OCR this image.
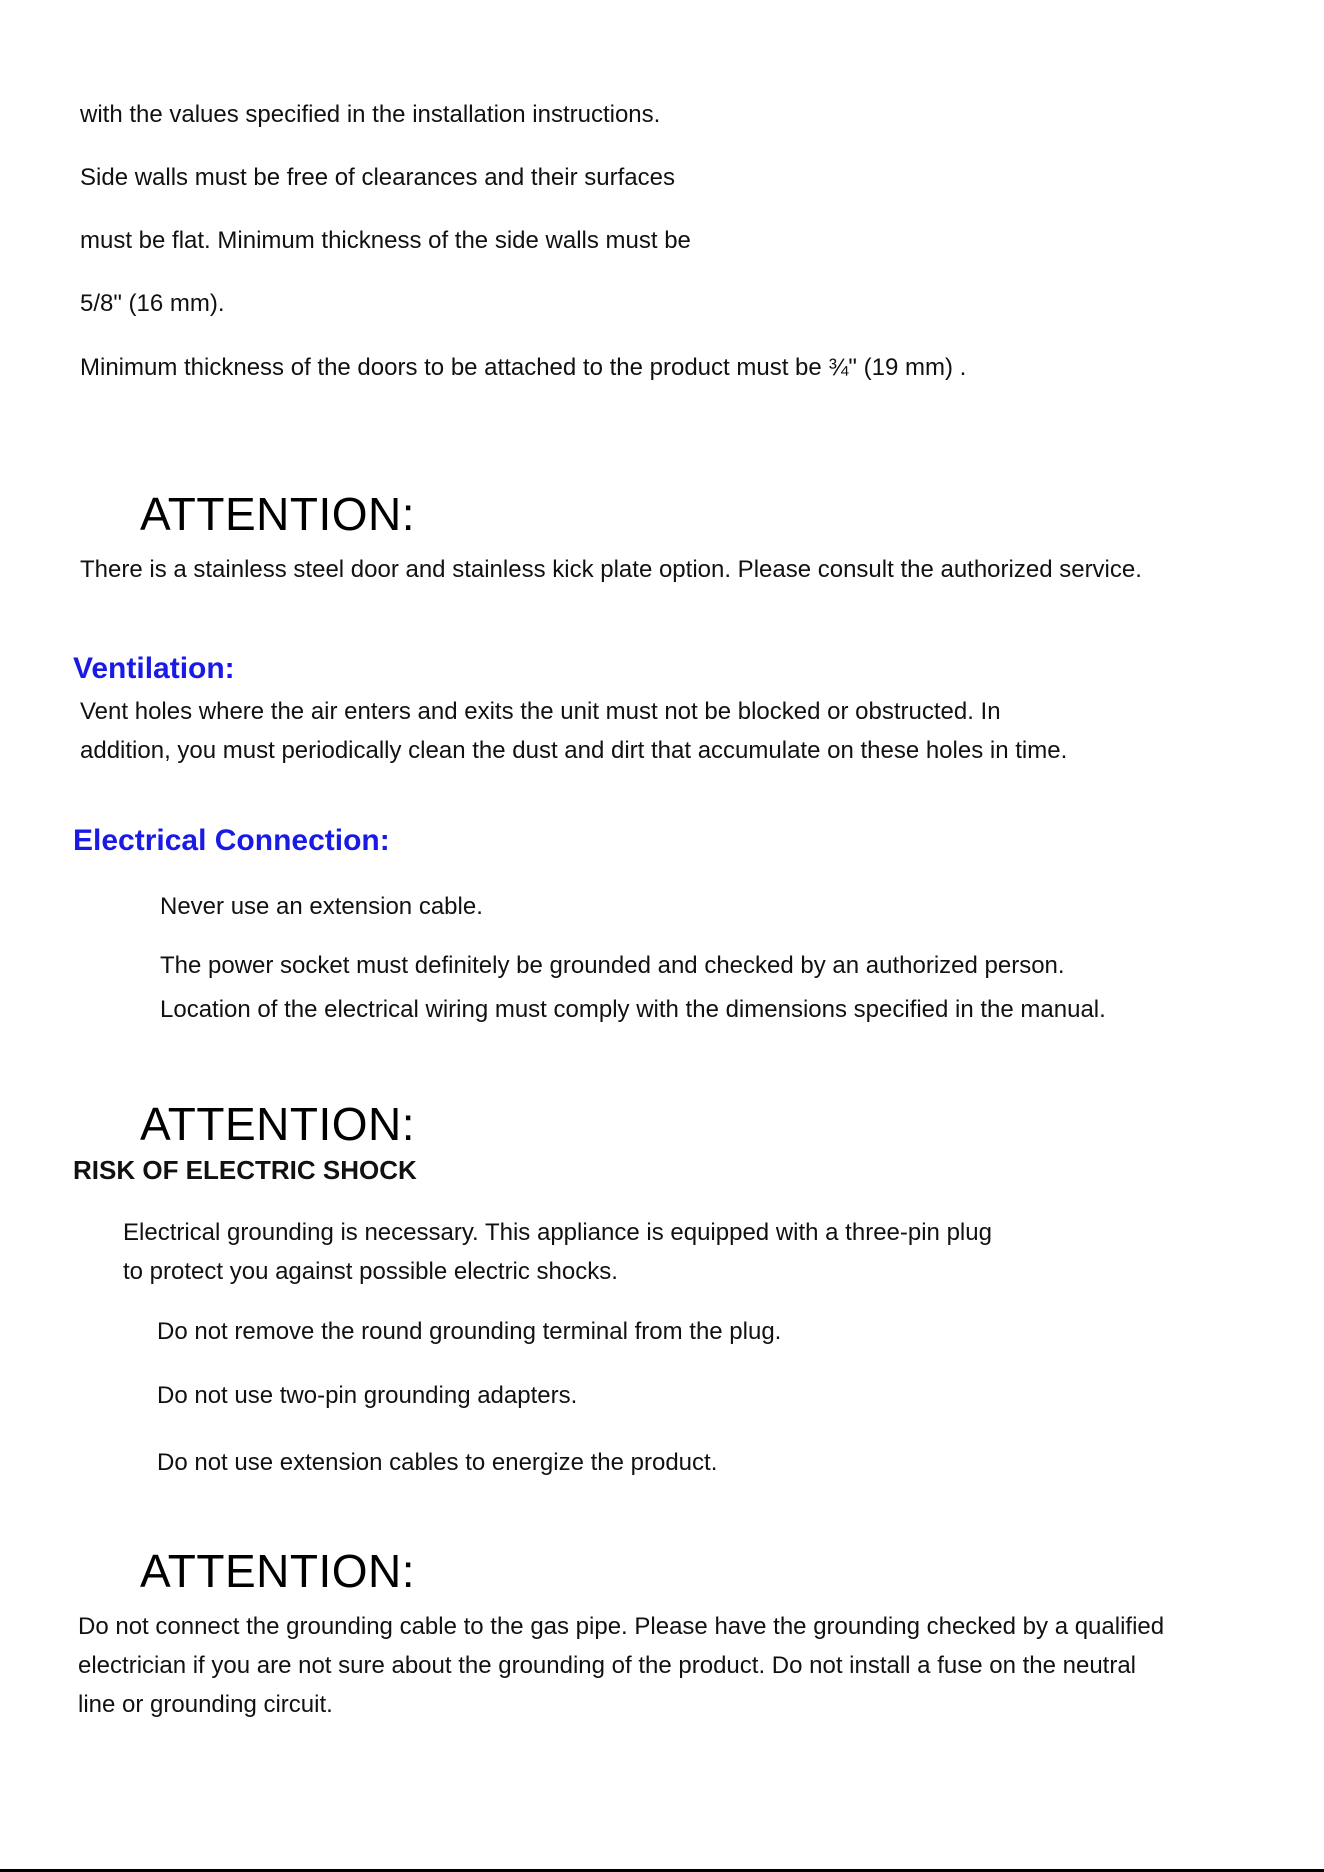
with the values specified in the installation instructions.

Side walls must be free of clearances and their surfaces

must be flat. Minimum thickness of the side walls must be

5/8" (16 mm).

Minimum thickness of the doors to be attached to the product must be ¾" (19 mm) .

ATTENTION:

There is a stainless steel door and stainless kick plate option. Please consult the authorized service.

Ventilation:

Vent holes where the air enters and exits the unit must not be blocked or obstructed. In

addition, you must periodically clean the dust and dirt that accumulate on these holes in time.

Electrical Connection:

Never use an extension cable.

The power socket must definitely be grounded and checked by an authorized person.

Location of the electrical wiring must comply with the dimensions specified in the manual.

ATTENTION:

RISK OF ELECTRIC SHOCK

Electrical grounding is necessary. This appliance is equipped with a three-pin plug

to protect you against possible electric shocks.

Do not remove the round grounding terminal from the plug.

Do not use two-pin grounding adapters.

Do not use extension cables to energize the product.

ATTENTION:

Do not connect the grounding cable to the gas pipe. Please have the grounding checked by a qualified

electrician if you are not sure about the grounding of the product. Do not install a fuse on the neutral

line or grounding circuit.
